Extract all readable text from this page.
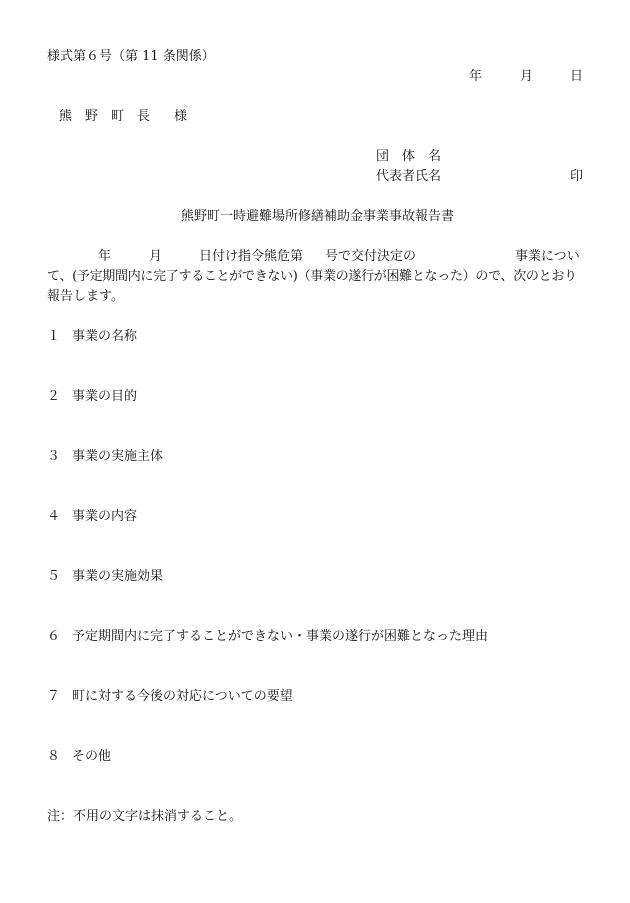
様式第６号（第 11 条関係）
年	月	日
熊　野　町　長 様
団　体　名
代表者氏名	印
熊野町一時避難場所修繕補助金事業事故報告書
年	月	日付け指令熊危第 号で交付決定の	事業につい
て、(予定期間内に完了することができない)（事業の遂行が困難となった）ので、次のとおり
報告します。
１ 事業の名称
２ 事業の目的
３ 事業の実施主体
４ 事業の内容
５ 事業の実施効果
６ 予定期間内に完了することができない・事業の遂行が困難となった理由
７ 町に対する今後の対応についての要望
８ その他
注：不用の文字は抹消すること。
